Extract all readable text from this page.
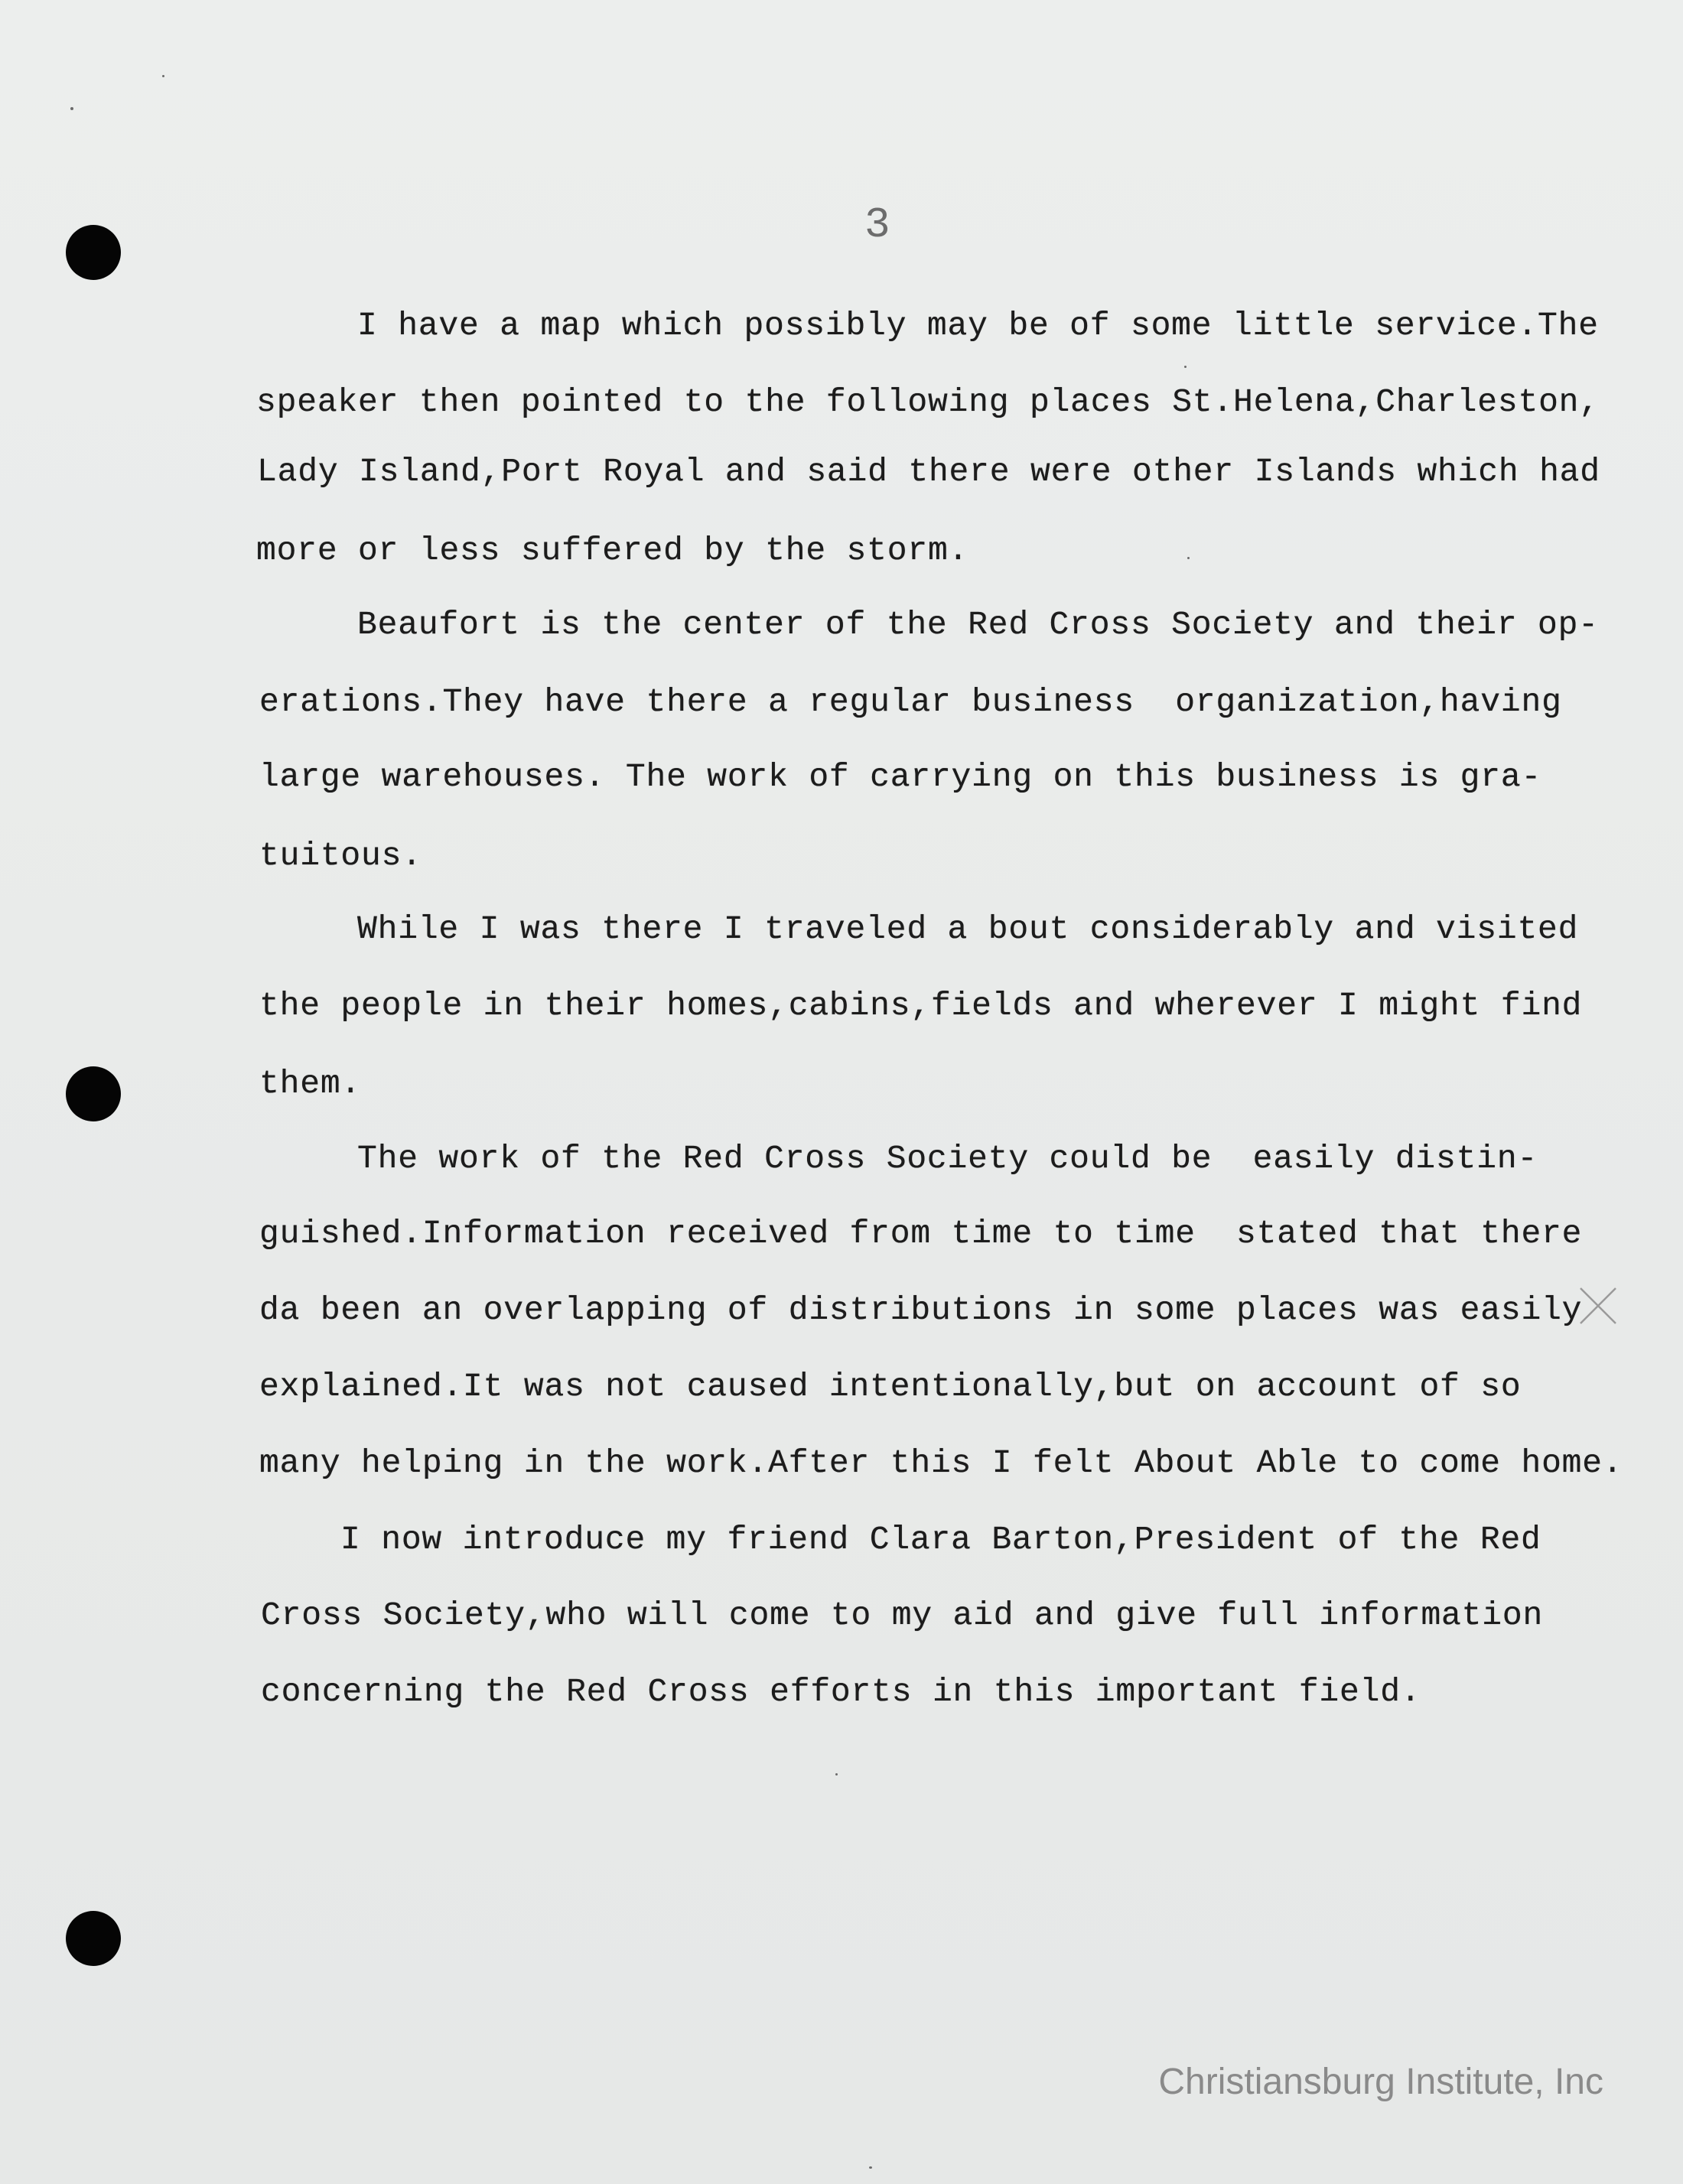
3
I have a map which possibly may be of some little service.The
speaker then pointed to the following places St.Helena,Charleston,
Lady Island,Port Royal and said there were other Islands which had
more or less suffered by the storm.
Beaufort is the center of the Red Cross Society and their op-
erations.They have there a regular business  organization,having
large warehouses. The work of carrying on this business is gra-
tuitous.
While I was there I traveled a bout considerably and visited
the people in their homes,cabins,fields and wherever I might find
them.
The work of the Red Cross Society could be  easily distin-
guished.Information received from time to time  stated that there
da been an overlapping of distributions in some places was easily
explained.It was not caused intentionally,but on account of so
many helping in the work.After this I felt About Able to come home.
I now introduce my friend Clara Barton,President of the Red
Cross Society,who will come to my aid and give full information
concerning the Red Cross efforts in this important field.
Christiansburg Institute, Inc
